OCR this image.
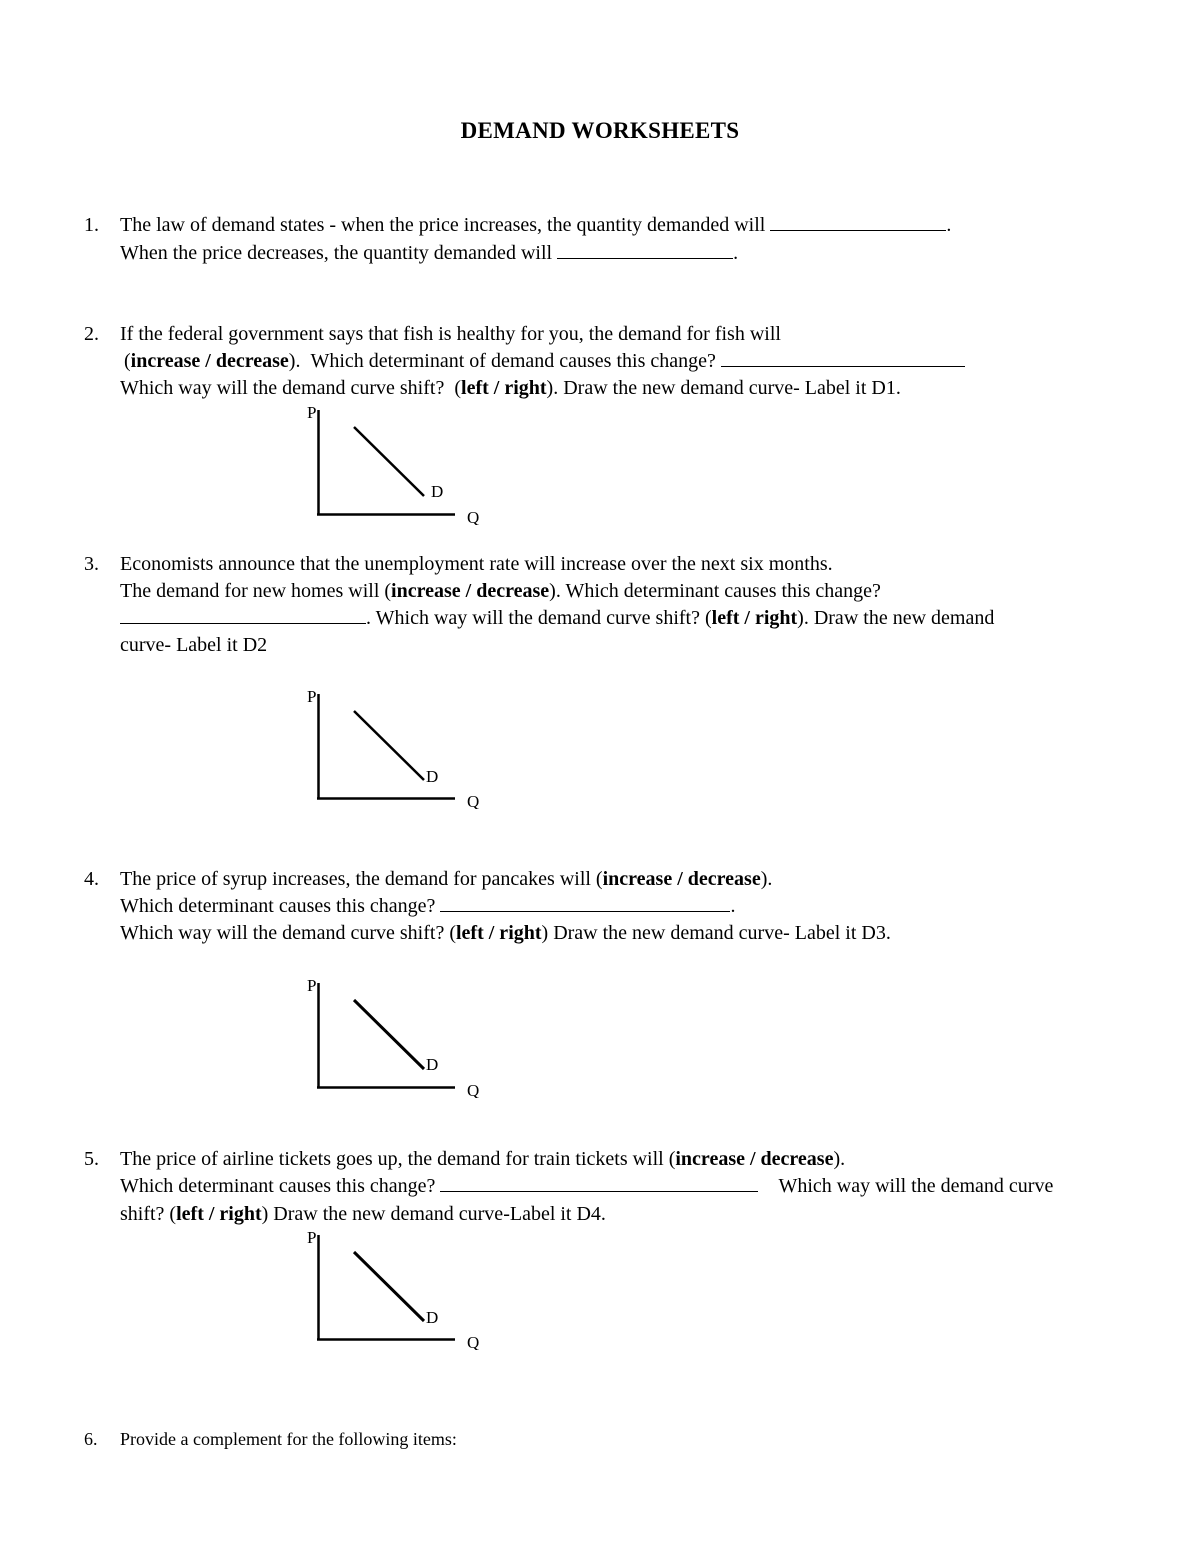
DEMAND WORKSHEETS
1. The law of demand states - when the price increases, the quantity demanded will	.
When the price decreases, the quantity demanded will	.
2. If the federal government says that fish is healthy for you, the demand for fish will
(increase / decrease). Which determinant of demand causes this change?
Which way will the demand curve shift? (left / right). Draw the new demand curve- Label it D1.
P
D
Q
3. Economists announce that the unemployment rate will increase over the next six months.
The demand for new homes will (increase / decrease). Which determinant causes this change?
. Which way will the demand curve shift? (left / right). Draw the new demand
curve- Label it D2
P
D
Q
4. The price of syrup increases, the demand for pancakes will (increase / decrease).
Which determinant causes this change?	.
Which way will the demand curve shift? (left / right) Draw the new demand curve- Label it D3.
P
D
Q
5. The price of airline tickets goes up, the demand for train tickets will (increase / decrease).
Which determinant causes this change?	Which way will the demand curve
shift? (left / right) Draw the new demand curve-Label it D4.
P
D
Q
6. Provide a complement for the following items:
